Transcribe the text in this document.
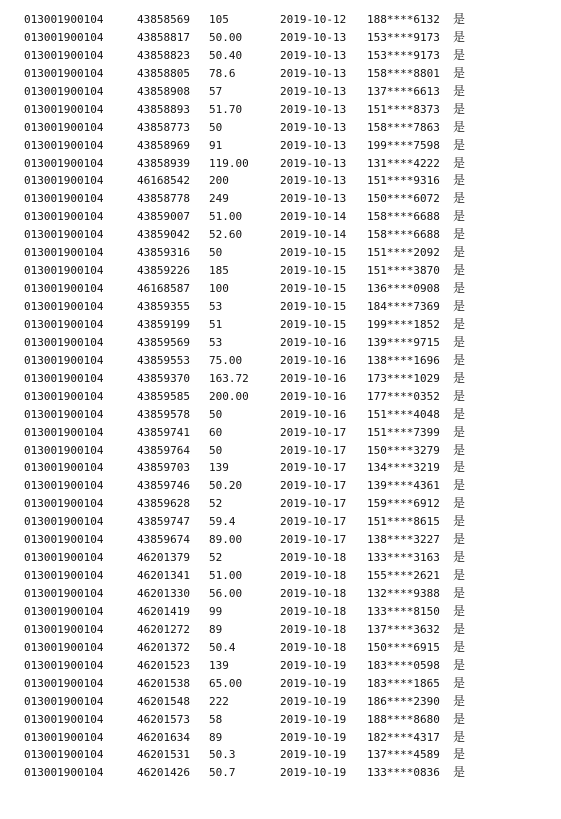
013001900104	43858569 105	2019-10-12 188****6132 是
013001900104	43858817 50.00	2019-10-13 153****9173 是
013001900104	43858823 50.40	2019-10-13 153****9173 是
013001900104	43858805 78.6	2019-10-13 158****8801 是
013001900104	43858908 57	2019-10-13 137****6613 是
013001900104	43858893 51.70	2019-10-13 151****8373 是
013001900104	43858773 50	2019-10-13 158****7863 是
013001900104	43858969 91	2019-10-13 199****7598 是
013001900104	43858939 119.00	2019-10-13 131****4222 是
013001900104	46168542 200	2019-10-13 151****9316 是
013001900104	43858778 249	2019-10-13 150****6072 是
013001900104	43859007 51.00	2019-10-14 158****6688 是
013001900104	43859042 52.60	2019-10-14 158****6688 是
013001900104	43859316 50	2019-10-15 151****2092 是
013001900104	43859226 185	2019-10-15 151****3870 是
013001900104	46168587 100	2019-10-15 136****0908 是
013001900104	43859355 53	2019-10-15 184****7369 是
013001900104	43859199 51	2019-10-15 199****1852 是
013001900104	43859569 53	2019-10-16 139****9715 是
013001900104	43859553 75.00	2019-10-16 138****1696 是
013001900104	43859370 163.72	2019-10-16 173****1029 是
013001900104	43859585 200.00	2019-10-16 177****0352 是
013001900104	43859578 50	2019-10-16 151****4048 是
013001900104	43859741 60	2019-10-17 151****7399 是
013001900104	43859764 50	2019-10-17 150****3279 是
013001900104	43859703 139	2019-10-17 134****3219 是
013001900104	43859746 50.20	2019-10-17 139****4361 是
013001900104	43859628 52	2019-10-17 159****6912 是
013001900104	43859747 59.4	2019-10-17 151****8615 是
013001900104	43859674 89.00	2019-10-17 138****3227 是
013001900104	46201379 52	2019-10-18 133****3163 是
013001900104	46201341 51.00	2019-10-18 155****2621 是
013001900104	46201330 56.00	2019-10-18 132****9388 是
013001900104	46201419 99	2019-10-18 133****8150 是
013001900104	46201272 89	2019-10-18 137****3632 是
013001900104	46201372 50.4	2019-10-18 150****6915 是
013001900104	46201523 139	2019-10-19 183****0598 是
013001900104	46201538 65.00	2019-10-19 183****1865 是
013001900104	46201548 222	2019-10-19 186****2390 是
013001900104	46201573 58	2019-10-19 188****8680 是
013001900104	46201634 89	2019-10-19 182****4317 是
013001900104	46201531 50.3	2019-10-19 137****4589 是
013001900104	46201426 50.7	2019-10-19 133****0836 是
